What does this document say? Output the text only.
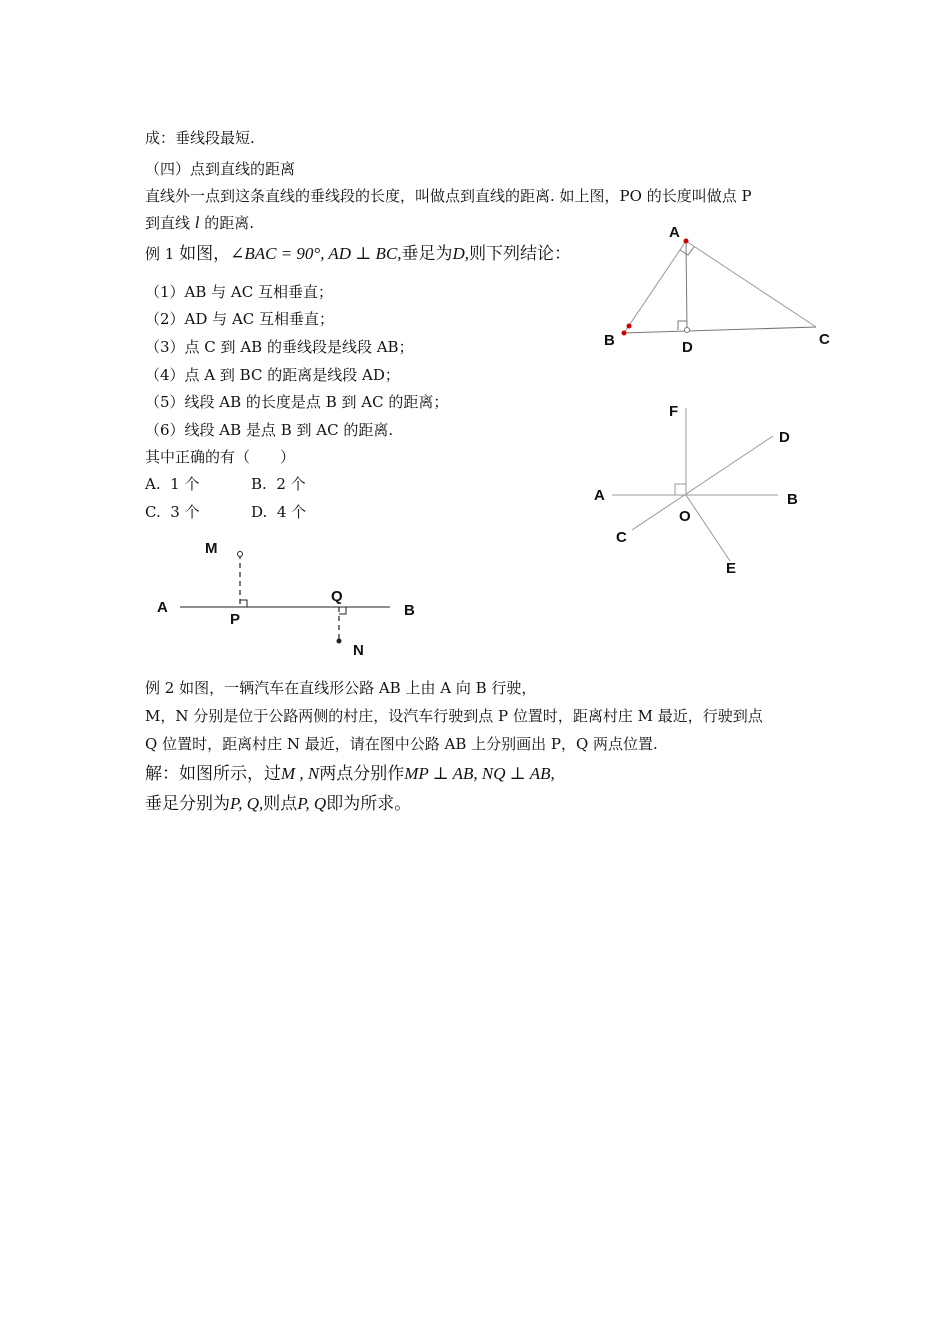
成：垂线段最短.
（四）点到直线的距离
直线外一点到这条直线的垂线段的长度，叫做点到直线的距离. 如上图，PO 的长度叫做点 P
到直线 l 的距离.
例 1 如图，∠BAC = 90°, AD ⊥ BC,垂足为D,则下列结论：
（1）AB 与 AC 互相垂直；
（2）AD 与 AC 互相垂直；
（3）点 C 到 AB 的垂线段是线段 AB；
（4）点 A 到 BC 的距离是线段 AD；
（5）线段 AB 的长度是点 B 到 AC 的距离；
（6）线段 AB 是点 B 到 AC 的距离.
其中正确的有（　　）
A. 1 个	B. 2 个
C. 3 个	D. 4 个
A
B	C
D
F
D
A	B
O
C
E
M
A
P
Q
B
N
例 2 如图，一辆汽车在直线形公路 AB 上由 A 向 B 行驶，
M，N 分别是位于公路两侧的村庄，设汽车行驶到点 P 位置时，距离村庄 M 最近，行驶到点
Q 位置时，距离村庄 N 最近，请在图中公路 AB 上分别画出 P，Q 两点位置.
解：如图所示，过M , N两点分别作MP ⊥ AB, NQ ⊥ AB,
垂足分别为P, Q,则点P, Q即为所求。
